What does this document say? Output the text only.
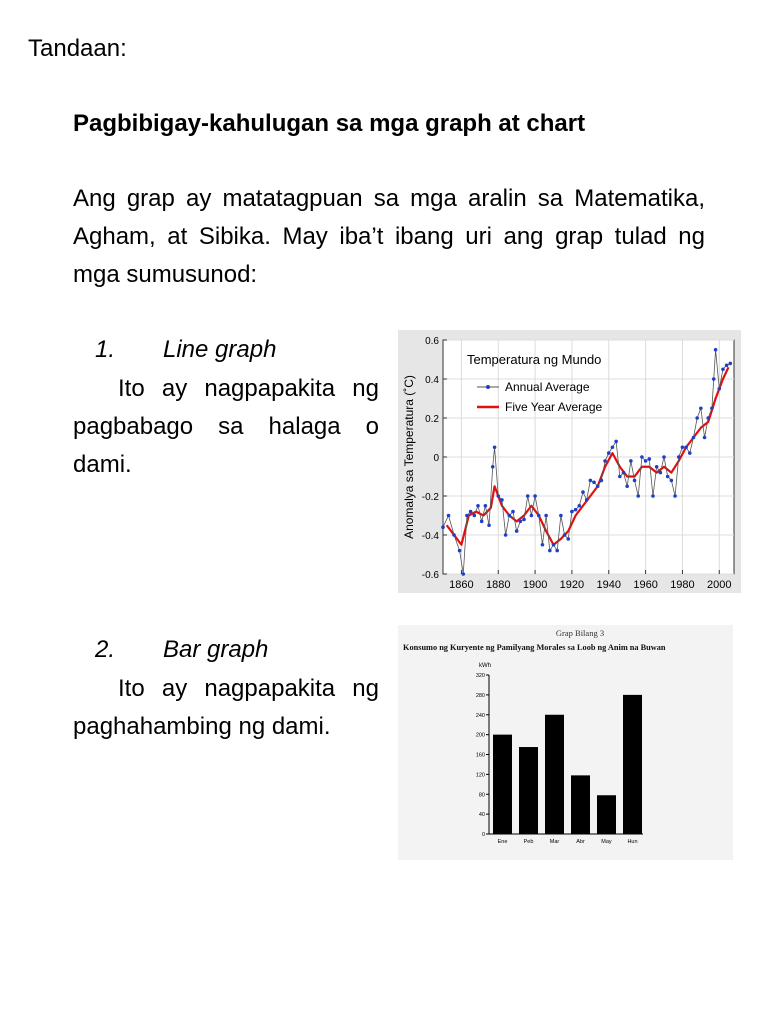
Tandaan:

Pagbibigay-kahulugan sa mga graph at chart

Ang grap ay matatagpuan sa mga aralin sa Matematika, Agham, at Sibika. May iba’t ibang uri ang grap tulad ng mga sumusunod:

1. Line graph

Ito ay nagpapakita ng pagbabago sa halaga o dami.

2. Bar graph

Ito ay nagpapakita ng paghahambing ng dami.

Anomalya sa Temperatura (˚C)
1860 1880 1900 1920 1940 1960 1980 2000
-0.6
-0.4
-0.2
0
0.2
0.4
0.6
Temperatura ng Mundo
Annual Average
Five Year Average
Grap Bilang 3
Konsumo ng Kuryente ng Pamilyang Morales sa Loob ng Anim na Buwan
kWh
0
40
80
120
160
200
240
280
320
Ene	Peb	Mar	Abr	May	Hun
